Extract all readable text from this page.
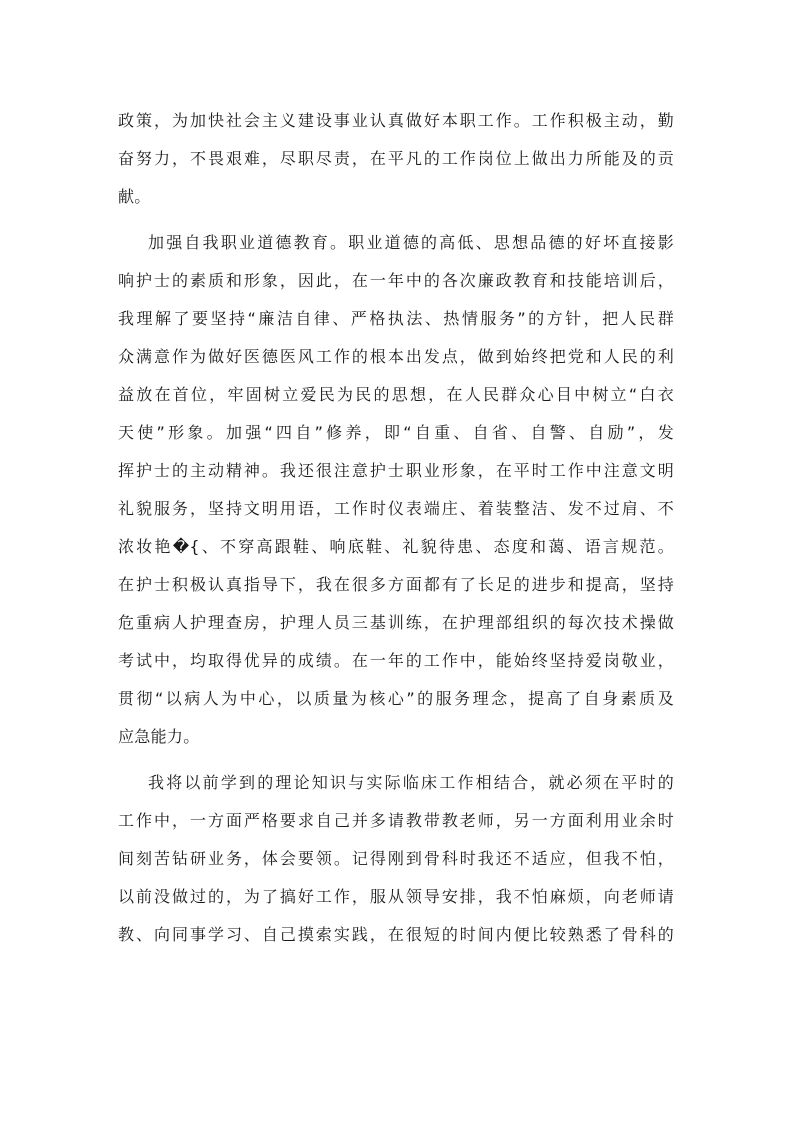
政策，为加快社会主义建设事业认真做好本职工作。工作积极主动，勤
奋努力，不畏艰难，尽职尽责，在平凡的工作岗位上做出力所能及的贡
献。
加强自我职业道德教育。职业道德的高低、思想品德的好坏直接影
响护士的素质和形象，因此，在一年中的各次廉政教育和技能培训后，
我理解了要坚持“廉洁自律、严格执法、热情服务”的方针，把人民群
众满意作为做好医德医风工作的根本出发点，做到始终把党和人民的利
益放在首位，牢固树立爱民为民的思想，在人民群众心目中树立“白衣
天使”形象。加强“四自”修养，即“自重、自省、自警、自励”，发
挥护士的主动精神。我还很注意护士职业形象，在平时工作中注意文明
礼貌服务，坚持文明用语，工作时仪表端庄、着装整洁、发不过肩、不
浓妆艳�{、不穿高跟鞋、响底鞋、礼貌待患、态度和蔼、语言规范。
在护士积极认真指导下，我在很多方面都有了长足的进步和提高，坚持
危重病人护理查房，护理人员三基训练，在护理部组织的每次技术操做
考试中，均取得优异的成绩。在一年的工作中，能始终坚持爱岗敬业，
贯彻“以病人为中心，以质量为核心”的服务理念，提高了自身素质及
应急能力。
我将以前学到的理论知识与实际临床工作相结合，就必须在平时的
工作中，一方面严格要求自己并多请教带教老师，另一方面利用业余时
间刻苦钻研业务，体会要领。记得刚到骨科时我还不适应，但我不怕，
以前没做过的，为了搞好工作，服从领导安排，我不怕麻烦，向老师请
教、向同事学习、自己摸索实践，在很短的时间内便比较熟悉了骨科的
